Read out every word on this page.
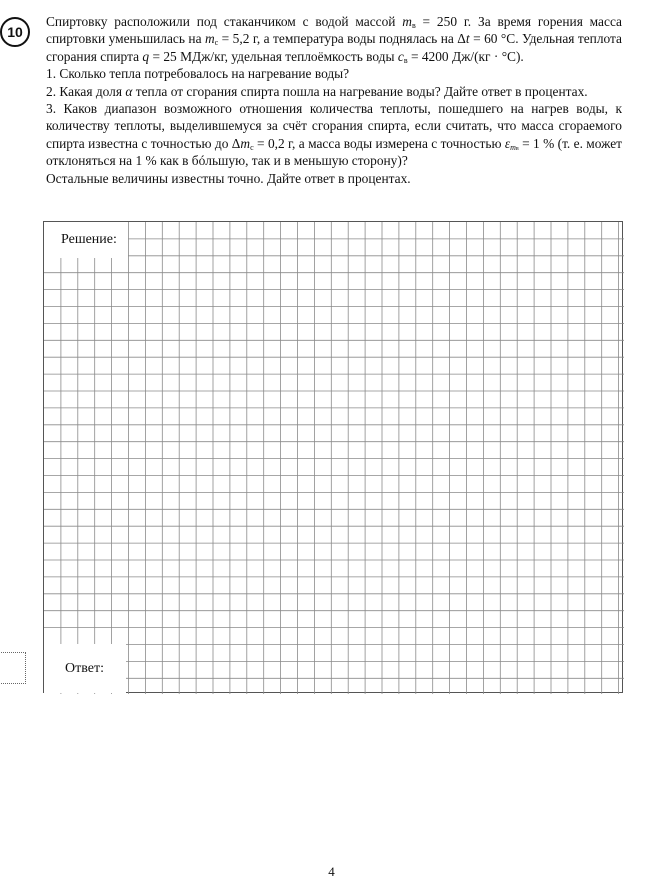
10

Спиртовку расположили под стаканчиком с водой массой $m_в = 250$ г. За время горения масса спиртовки уменьшилась на $m_с = 5,2$ г, а температура воды поднялась на Δt = 60 °С. Удельная теплота сгорания спирта q = 25 МДж/кг, удельная теплоёмкость воды $c_в = 4200$ Дж/(кг · °С).

1. Сколько тепла потребовалось на нагревание воды?

2. Какая доля α тепла от сгорания спирта пошла на нагревание воды? Дайте ответ в процентах.

3. Каков диапазон возможного отношения количества теплоты, пошедшего на нагрев воды, к количеству теплоты, выделившемуся за счёт сгорания спирта, если считать, что масса сгораемого спирта известна с точностью до $\Delta m_с = 0,2$ г, а масса воды измерена с точностью $\varepsilon_{mв} = 1$ % (т. е. может отклоняться на 1 % как в бóльшую, так и в меньшую сторону)?

Остальные величины известны точно. Дайте ответ в процентах.

Решение:
Ответ:
4
